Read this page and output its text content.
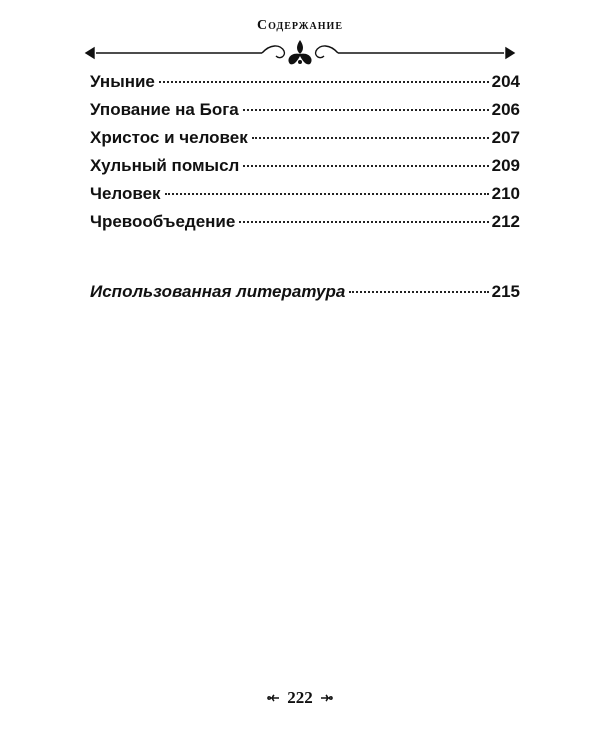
Содержание
Уныние	204
Упование на Бога	206
Христос и человек	207
Хульный помысл	209
Человек	210
Чревообъедение	212
Использованная литература	215
222
